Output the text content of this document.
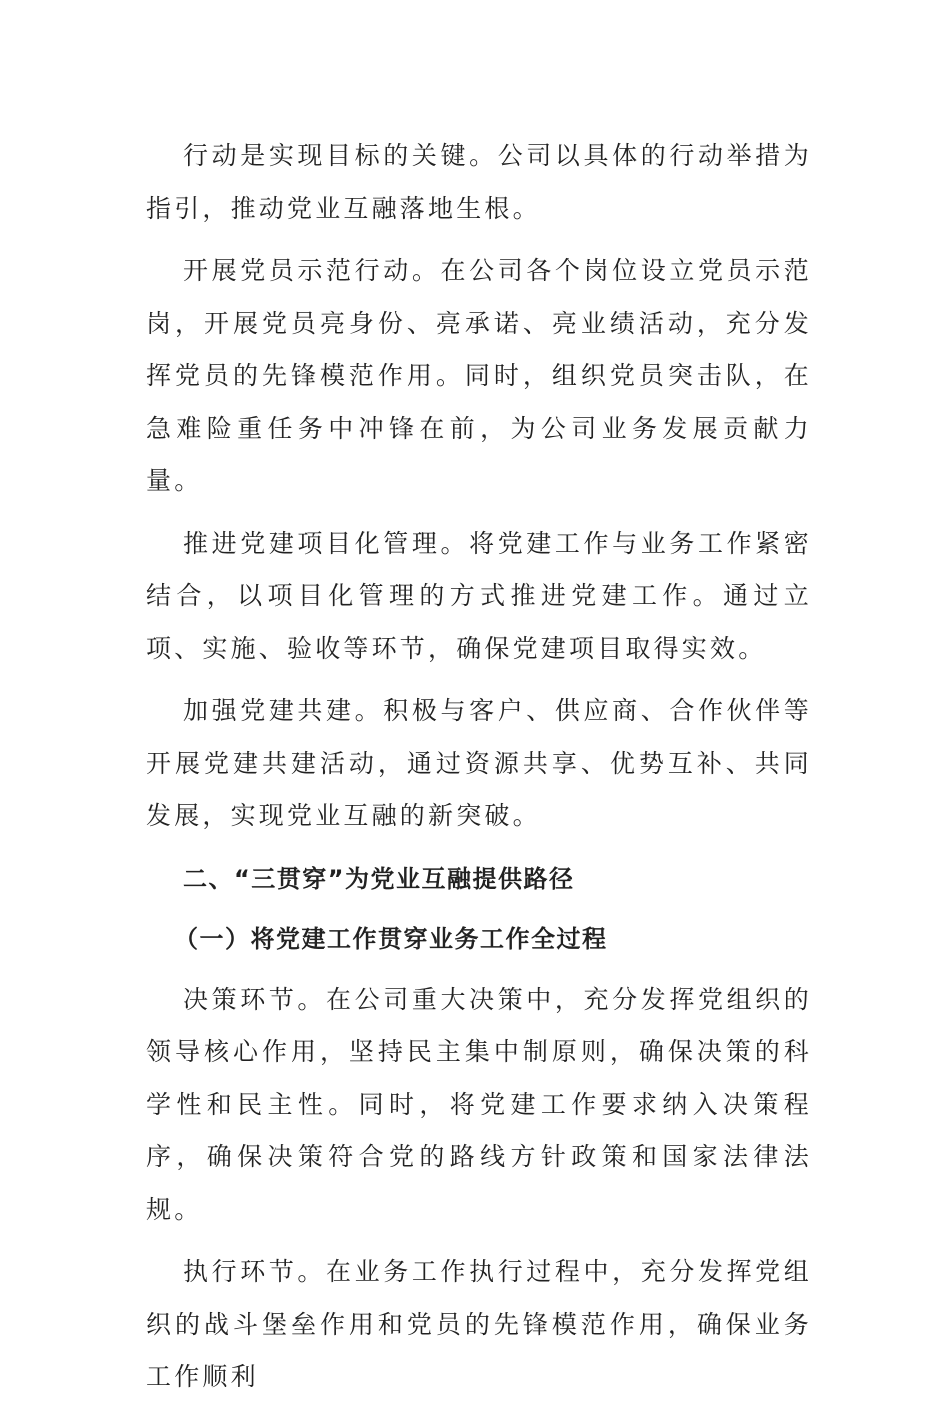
行动是实现目标的关键。公司以具体的行动举措为指引，推动党业互融落地生根。

开展党员示范行动。在公司各个岗位设立党员示范岗，开展党员亮身份、亮承诺、亮业绩活动，充分发挥党员的先锋模范作用。同时，组织党员突击队，在急难险重任务中冲锋在前，为公司业务发展贡献力量。

推进党建项目化管理。将党建工作与业务工作紧密结合，以项目化管理的方式推进党建工作。通过立项、实施、验收等环节，确保党建项目取得实效。

加强党建共建。积极与客户、供应商、合作伙伴等开展党建共建活动，通过资源共享、优势互补、共同发展，实现党业互融的新突破。

二、“三贯穿”为党业互融提供路径

（一）将党建工作贯穿业务工作全过程

决策环节。在公司重大决策中，充分发挥党组织的领导核心作用，坚持民主集中制原则，确保决策的科学性和民主性。同时，将党建工作要求纳入决策程序，确保决策符合党的路线方针政策和国家法律法规。

执行环节。在业务工作执行过程中，充分发挥党组织的战斗堡垒作用和党员的先锋模范作用，确保业务工作顺利
